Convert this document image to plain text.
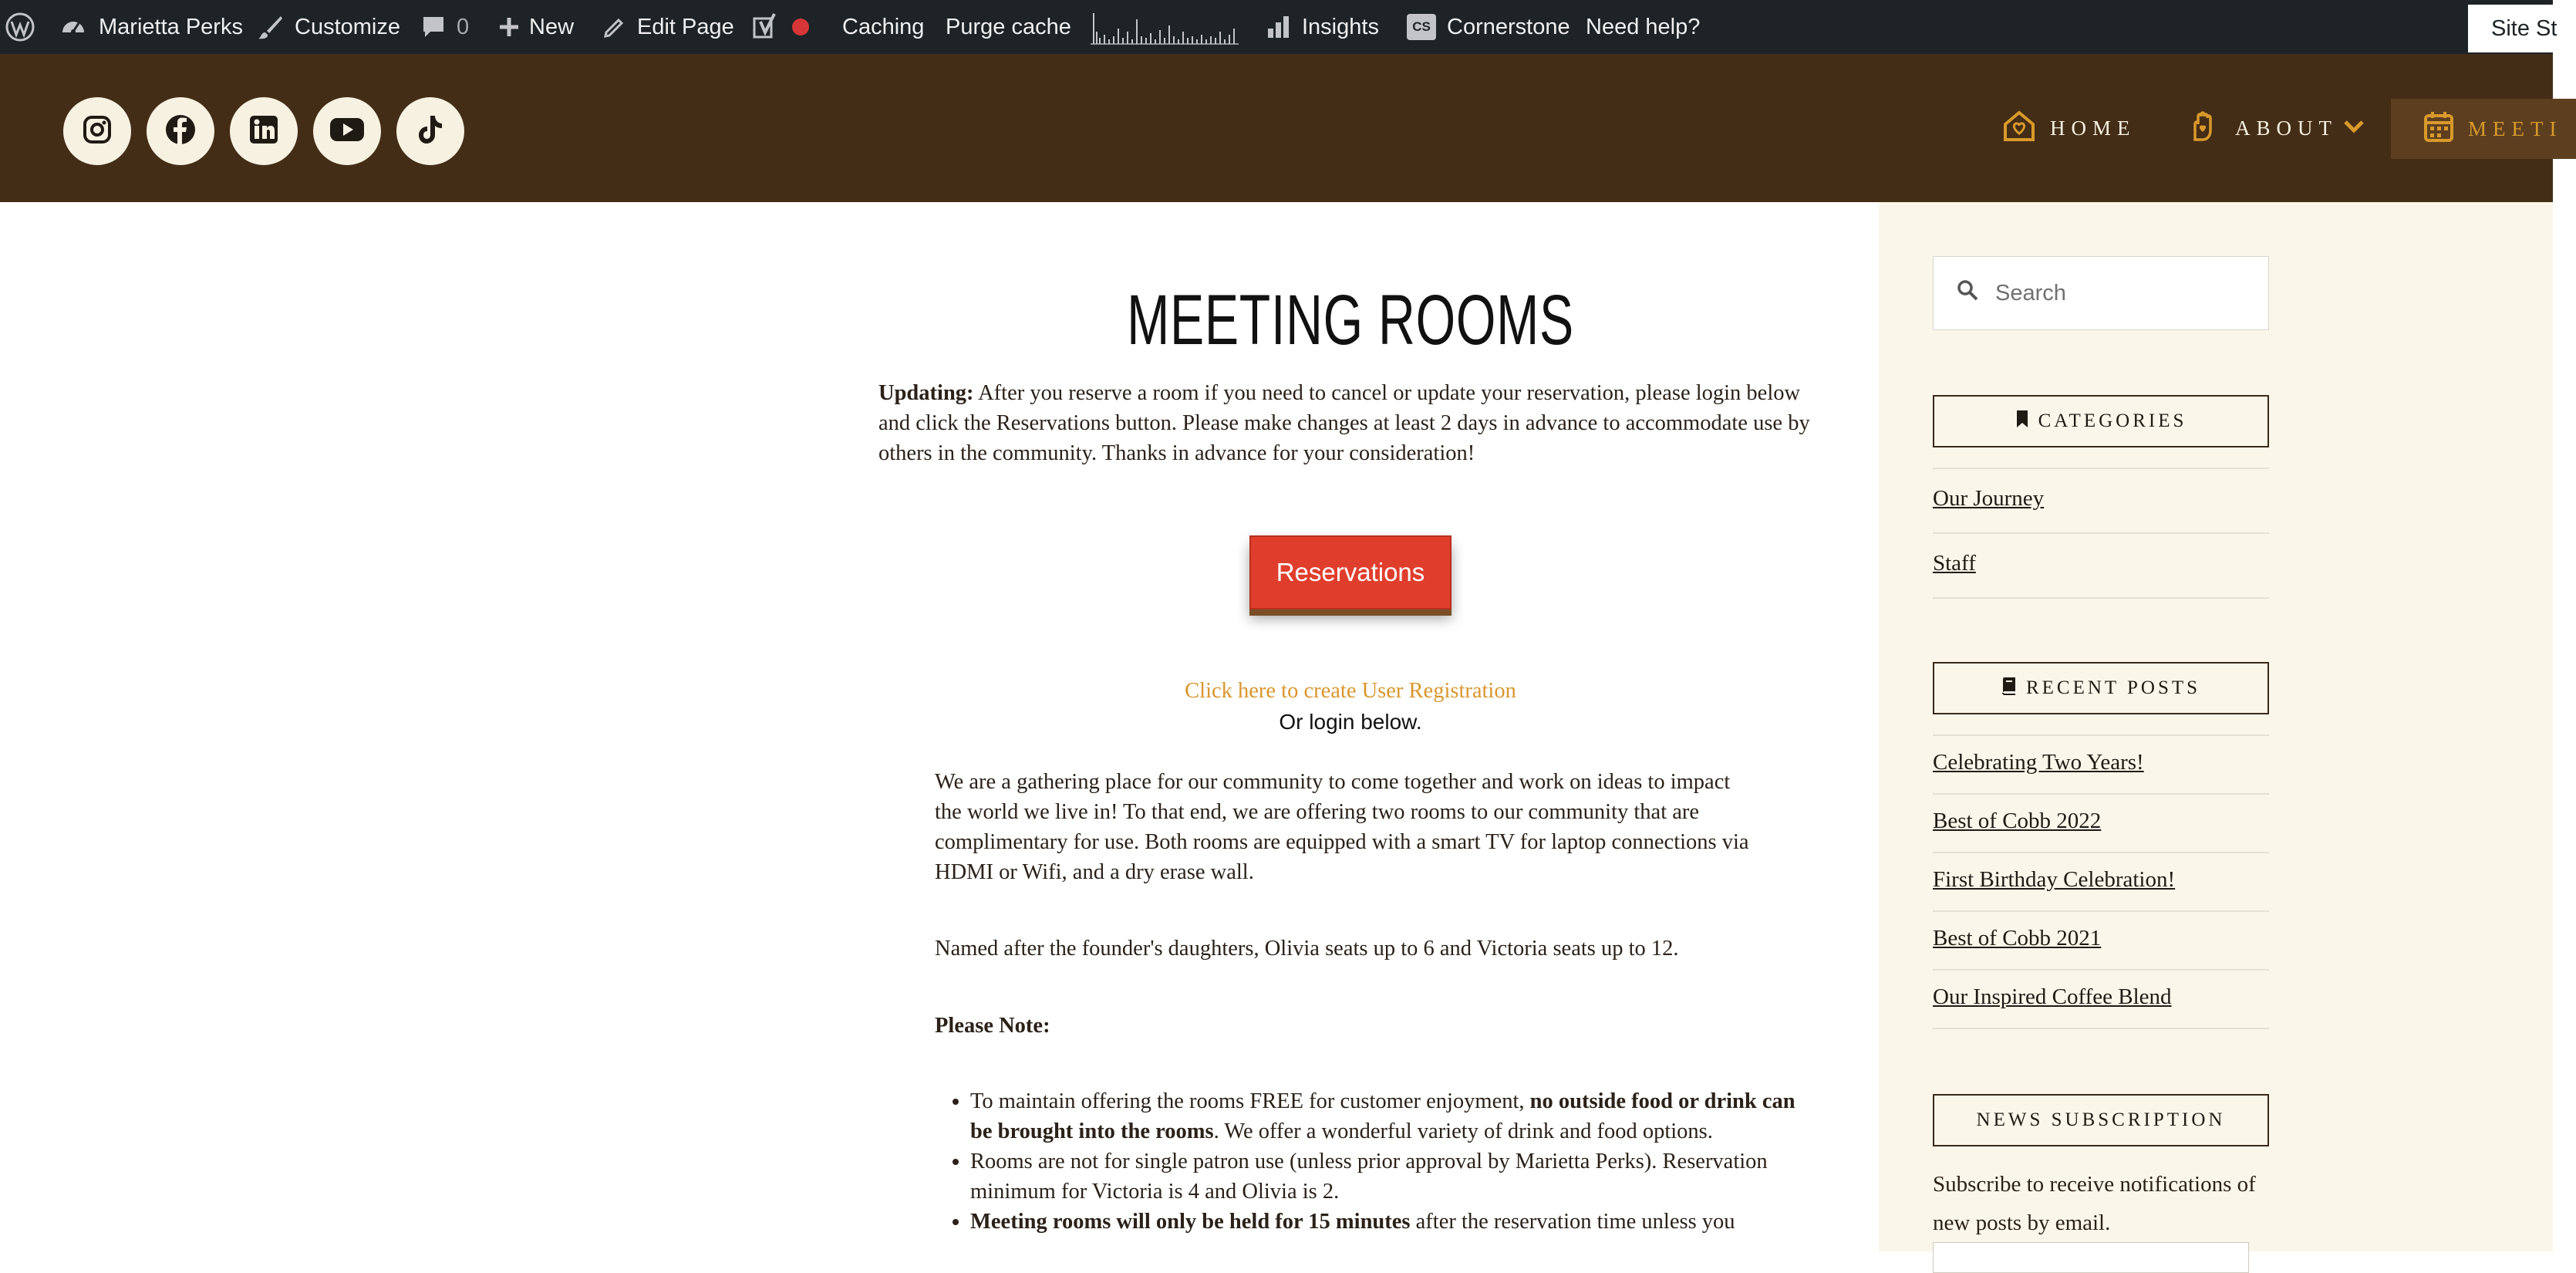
Marietta Perks Customize	0	New	Edit Page	Caching Purge cache	Insights	CS Cornerstone Need help?	Site St
HOME	ABOUT	MEETI
MEETING ROOMS
Updating: After you reserve a room if you need to cancel or update your reservation, please login below and click the Reservations button. Please make changes at least 2 days in advance to accommodate use by others in the community. Thanks in advance for your consideration!
Reservations
Click here to create User Registration
Or login below.
We are a gathering place for our community to come together and work on ideas to impact the world we live in! To that end, we are offering two rooms to our community that are complimentary for use. Both rooms are equipped with a smart TV for laptop connections via HDMI or Wifi, and a dry erase wall.
Named after the founder's daughters, Olivia seats up to 6 and Victoria seats up to 12.
Please Note:
• To maintain offering the rooms FREE for customer enjoyment, no outside food or drink can be brought into the rooms. We offer a wonderful variety of drink and food options.
• Rooms are not for single patron use (unless prior approval by Marietta Perks). Reservation minimum for Victoria is 4 and Olivia is 2.
• Meeting rooms will only be held for 15 minutes after the reservation time unless you
Search
CATEGORIES
Our Journey
Staff
RECENT POSTS
Celebrating Two Years!
Best of Cobb 2022
First Birthday Celebration!
Best of Cobb 2021
Our Inspired Coffee Blend
NEWS SUBSCRIPTION
Subscribe to receive notifications of new posts by email.
